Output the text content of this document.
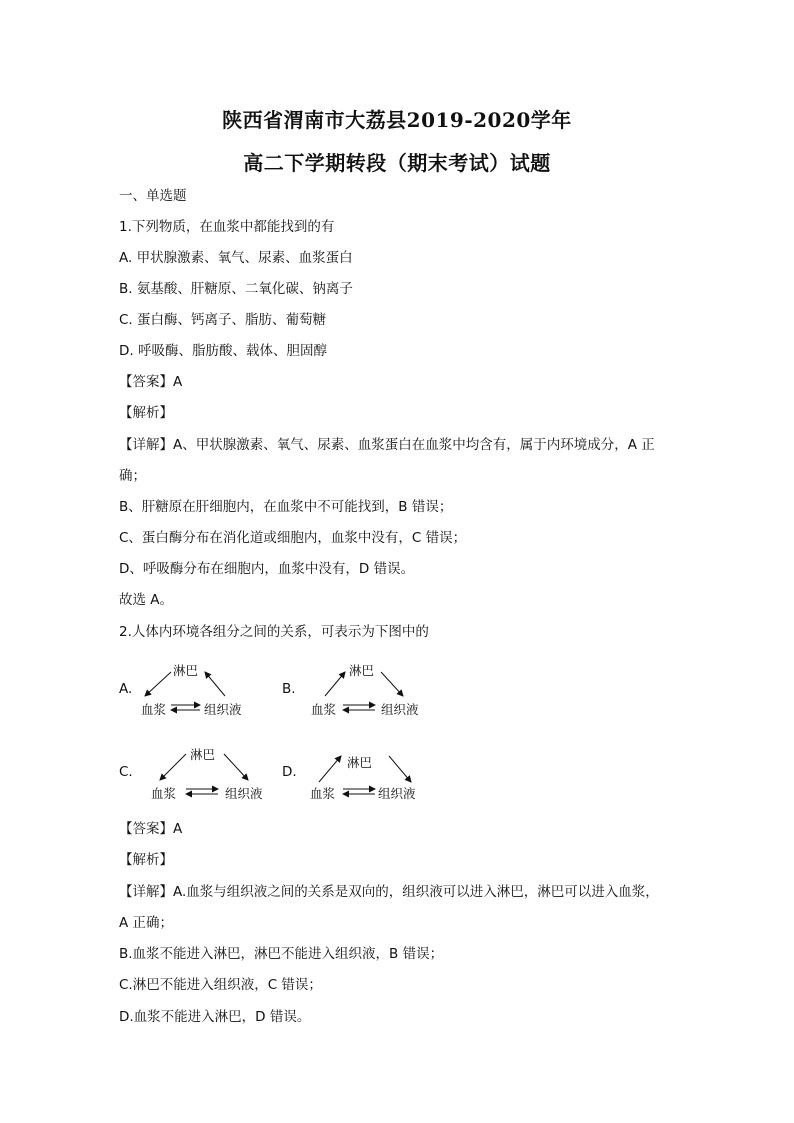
陕西省渭南市大荔县2019-2020学年
高二下学期转段（期末考试）试题
一、单选题
1.下列物质，在血浆中都能找到的有
A. 甲状腺激素、氧气、尿素、血浆蛋白
B. 氨基酸、肝糖原、二氧化碳、钠离子
C. 蛋白酶、钙离子、脂肪、葡萄糖
D. 呼吸酶、脂肪酸、载体、胆固醇
【答案】A
【解析】
【详解】A、甲状腺激素、氧气、尿素、血浆蛋白在血浆中均含有，属于内环境成分，A 正
确；
B、肝糖原在肝细胞内，在血浆中不可能找到，B 错误；
C、蛋白酶分布在消化道或细胞内，血浆中没有，C 错误；
D、呼吸酶分布在细胞内，血浆中没有，D 错误。
故选 A。
2.人体内环境各组分之间的关系，可表示为下图中的
A.
淋巴
血浆	组织液
B.
淋巴
血浆	组织液
C.
淋巴
血浆	组织液
D.
淋巴
血浆	组织液
【答案】A
【解析】
【详解】A.血浆与组织液之间的关系是双向的，组织液可以进入淋巴，淋巴可以进入血浆，
A 正确；
B.血浆不能进入淋巴，淋巴不能进入组织液，B 错误；
C.淋巴不能进入组织液，C 错误；
D.血浆不能进入淋巴，D 错误。
